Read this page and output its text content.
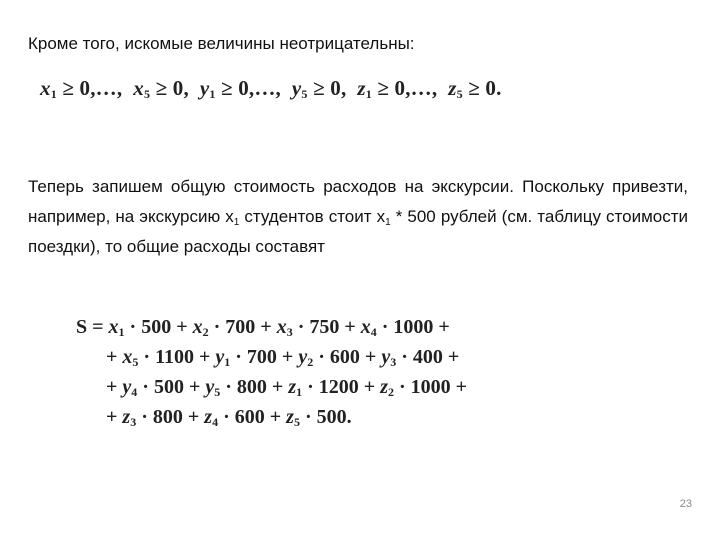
Кроме того, искомые величины неотрицательны:
$x_1$ ≥ 0,…,  $x_5 \ge 0$,  $y_1$ ≥ 0,…,  $y_5 \ge 0$,  $z_1$ ≥ 0,…,  $z_5 \ge 0$.
Теперь запишем общую стоимость расходов на экскурсии. Поскольку привезти, например, на экскурсию $х_1$ студентов стоит $х_1 * 500$ рублей (см. таблицу стоимости поездки), то общие расходы составят
$S = x_1 \cdot 500 + x_2 \cdot 700 + x_3 \cdot 750 + x_4 \cdot 1000$ +
+ $x_5 \cdot 1100 + y_1 \cdot 700 + y_2 \cdot 600 + y_3 \cdot 400$ +
+ $y_4 \cdot 500 + y_5 \cdot 800 + z_1 \cdot 1200 + z_2 \cdot 1000$ +
+ $z_3 \cdot 800 + z_4 \cdot 600 + z_5 \cdot 500$.
23
